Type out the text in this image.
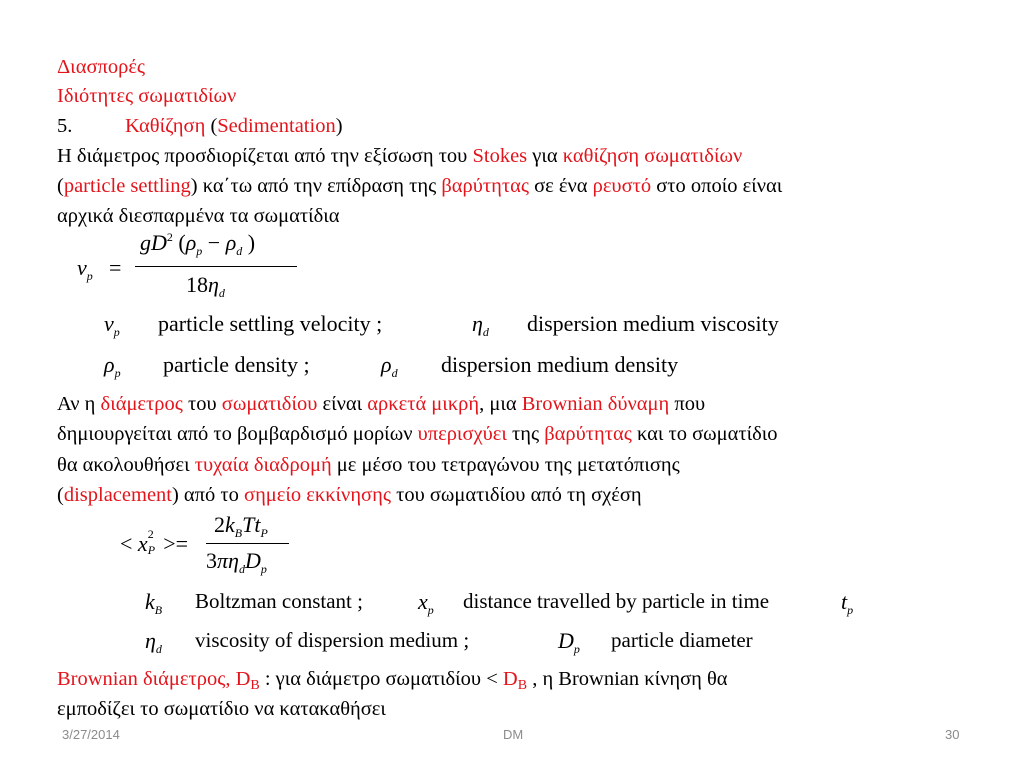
Διασπορές
Ιδιότητες σωματιδίων
5.	Καθίζηση (Sedimentation)
Η διάμετρος προσδιορίζεται από την εξίσωση του Stokes για καθίζηση σωματιδίων
(particle settling) κα΄τω από την επίδραση της βαρύτητας σε ένα ρευστό στο οποίο είναι
αρχικά διεσπαρμένα τα σωματίδια
$v_p$ =
$gD^2$ ($\rho_p - \rho_d$ )
$18\eta_d$
$v_p$ particle settling velocity ;	$\eta_d$ dispersion medium viscosity
$\rho_p$ particle density ;	$\rho_d$ dispersion medium density
Αν η διάμετρος του σωματιδίου είναι αρκετά μικρή, μια Brownian δύναμη που
δημιουργείται από το βομβαρδισμό μορίων υπερισχύει της βαρύτητας και το σωματίδιο
θα ακολουθήσει τυχαία διαδρομή με μέσο του τετραγώνου της μετατόπισης
(displacement) από το σημείο εκκίνησης του σωματιδίου από τη σχέση
< x 2
P >=
$2k_BTt_P$
$3\pi\eta_dD_p$
$k_B$ Boltzman constant ;	$x_p$ distance travelled by particle in time	$t_p$
$\eta_d$ viscosity of dispersion medium ;	$D_p$ particle diameter
Brownian διάμετρος, DB : για διάμετρο σωματιδίου < DB , η Brownian κίνηση θα
εμποδίζει το σωματίδιο να κατακαθήσει
3/27/2014	DM	30
